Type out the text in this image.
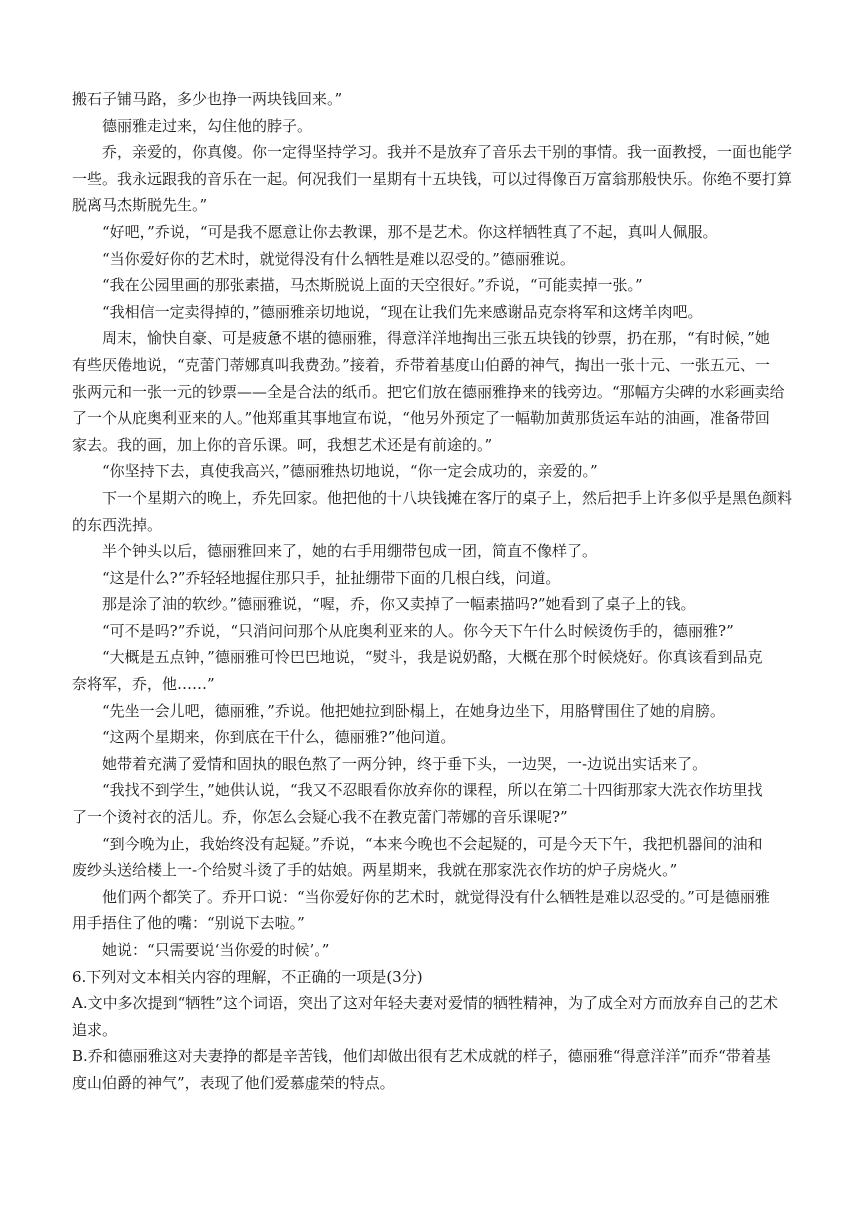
搬石子铺马路，多少也挣一两块钱回来。”

德丽雅走过来，勾住他的脖子。

乔，亲爱的，你真傻。你一定得坚持学习。我并不是放弃了音乐去干别的事情。我一面教授，一面也能学

一些。我永远跟我的音乐在一起。何况我们一星期有十五块钱，可以过得像百万富翁那般快乐。你绝不要打算

脱离马杰斯脱先生。”

“好吧，”乔说，“可是我不愿意让你去教课，那不是艺术。你这样牺牲真了不起，真叫人佩服。

“当你爱好你的艺术时，就觉得没有什么牺牲是难以忍受的。”德丽雅说。

“我在公园里画的那张素描，马杰斯脱说上面的天空很好。”乔说，“可能卖掉一张。”

“我相信一定卖得掉的，”德丽雅亲切地说，“现在让我们先来感谢品克奈将军和这烤羊肉吧。

周末，愉快自豪、可是疲惫不堪的德丽雅，得意洋洋地掏出三张五块钱的钞票，扔在那，“有时候，”她

有些厌倦地说，“克蕾门蒂娜真叫我费劲。”接着，乔带着基度山伯爵的神气，掏出一张十元、一张五元、一

张两元和一张一元的钞票——全是合法的纸币。把它们放在德丽雅挣来的钱旁边。“那幅方尖碑的水彩画卖给

了一个从庇奥利亚来的人。”他郑重其事地宣布说，“他另外预定了一幅勒加黄那货运车站的油画，准备带回

家去。我的画，加上你的音乐课。呵，我想艺术还是有前途的。”

“你坚持下去，真使我高兴，”德丽雅热切地说，“你一定会成功的，亲爱的。”

下一个星期六的晚上，乔先回家。他把他的十八块钱摊在客厅的桌子上，然后把手上许多似乎是黑色颜料

的东西洗掉。

半个钟头以后，德丽雅回来了，她的右手用绷带包成一团，简直不像样了。

“这是什么?”乔轻轻地握住那只手，扯扯绷带下面的几根白线，问道。

那是涂了油的软纱。”德丽雅说，“喔，乔，你又卖掉了一幅素描吗?”她看到了桌子上的钱。

“可不是吗?”乔说，“只消问问那个从庇奥利亚来的人。你今天下午什么时候烫伤手的，德丽雅?”

“大概是五点钟，”德丽雅可怜巴巴地说，“熨斗，我是说奶酪，大概在那个时候烧好。你真该看到品克

奈将军，乔，他……”

“先坐一会儿吧，德丽雅，”乔说。他把她拉到卧榻上，在她身边坐下，用胳臂围住了她的肩膀。

“这两个星期来，你到底在干什么，德丽雅?”他问道。

她带着充满了爱情和固执的眼色熬了一两分钟，终于垂下头，一边哭，一-边说出实话来了。

“我找不到学生，”她供认说，“我又不忍眼看你放弃你的课程，所以在第二十四街那家大洗衣作坊里找

了一个烫衬衣的活儿。乔，你怎么会疑心我不在教克蕾门蒂娜的音乐课呢?”

“到今晚为止，我始终没有起疑。”乔说，“本来今晚也不会起疑的，可是今天下午，我把机器间的油和

废纱头送给楼上一-个给熨斗烫了手的姑娘。两星期来，我就在那家洗衣作坊的炉子房烧火。”

他们两个都笑了。乔开口说：“当你爱好你的艺术时，就觉得没有什么牺牲是难以忍受的。”可是德丽雅

用手捂住了他的嘴：“别说下去啦。”

她说：“只需要说‘当你爱的时候’。”

6.下列对文本相关内容的理解，不正确的一项是(3分)

A.文中多次提到“牺牲”这个词语，突出了这对年轻夫妻对爱情的牺牲精神，为了成全对方而放弃自己的艺术

追求。

B.乔和德丽雅这对夫妻挣的都是辛苦钱，他们却做出很有艺术成就的样子，德丽雅“得意洋洋”而乔“带着基

度山伯爵的神气”，表现了他们爱慕虚荣的特点。
